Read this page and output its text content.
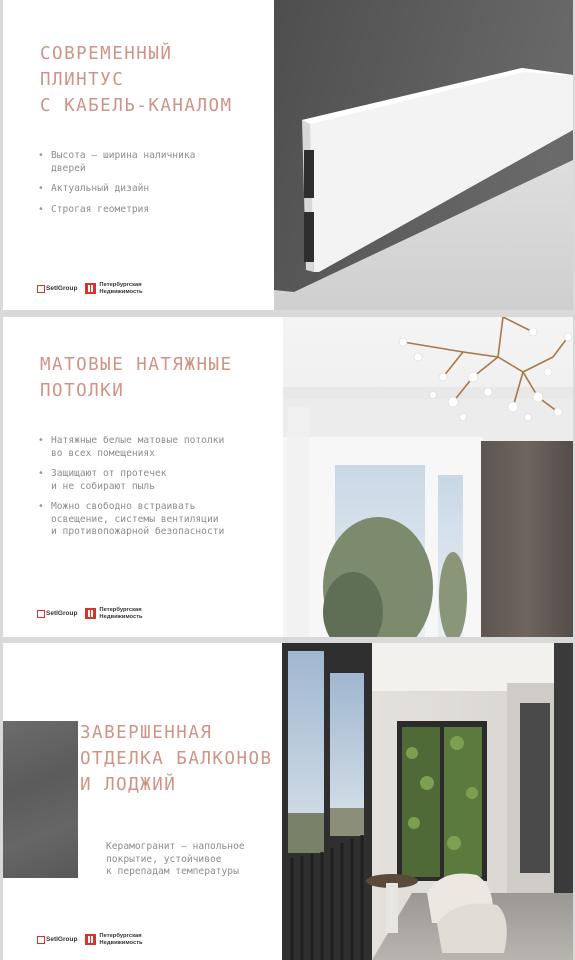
СОВРЕМЕННЫЙ
ПЛИНТУС
С КАБЕЛЬ-КАНАЛОМ
• Высота – ширина наличника
дверей
• Актуальный дизайн
• Строгая геометрия
SetlGroup	Петербургская
Недвижимость
МАТОВЫЕ НАТЯЖНЫЕ
ПОТОЛКИ
• Натяжные белые матовые потолки
во всех помещениях
• Защищают от протечек
и не собирают пыль
• Можно свободно встраивать
освещение, системы вентиляции
и противопожарной безопасности
SetlGroup	Петербургская
Недвижимость
ЗАВЕРШЕННАЯ
ОТДЕЛКА БАЛКОНОВ
И ЛОДЖИЙ
Керамогранит – напольное
покрытие, устойчивое
к перепадам температуры
SetlGroup	Петербургская
Недвижимость
